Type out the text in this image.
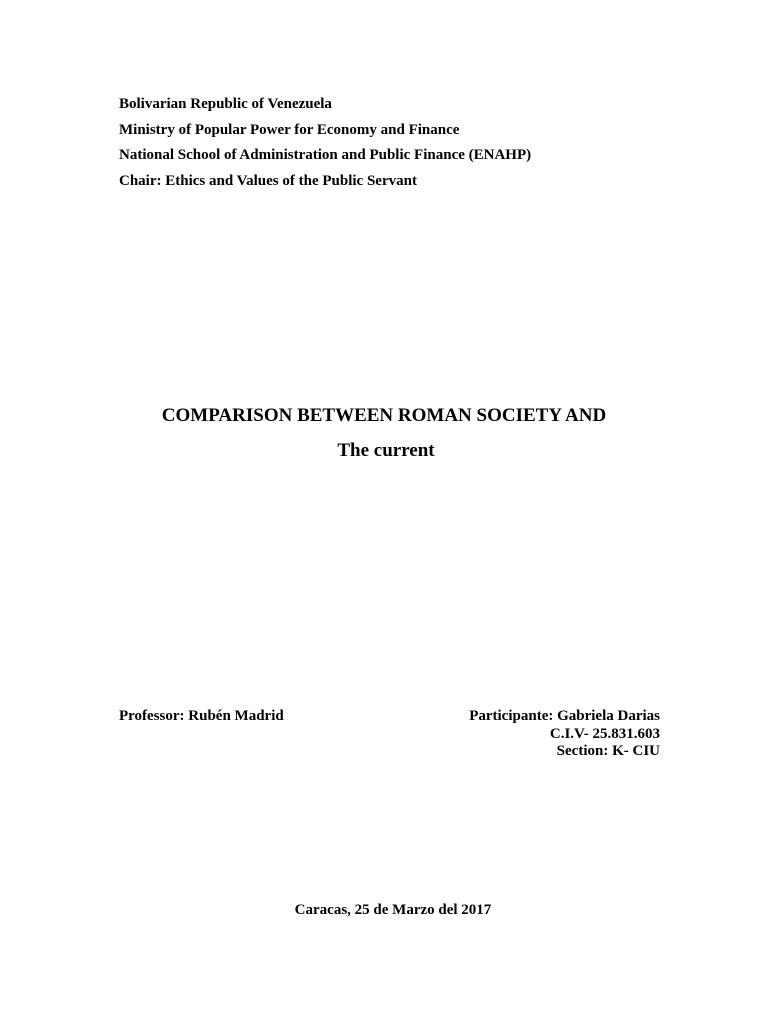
Bolivarian Republic of Venezuela
Ministry of Popular Power for Economy and Finance
National School of Administration and Public Finance (ENAHP)
Chair: Ethics and Values of the Public Servant
COMPARISON BETWEEN ROMAN SOCIETY AND
The current
Professor: Rubén Madrid	Participante: Gabriela Darias
C.I.V- 25.831.603
Section: K- CIU
Caracas, 25 de Marzo del 2017
